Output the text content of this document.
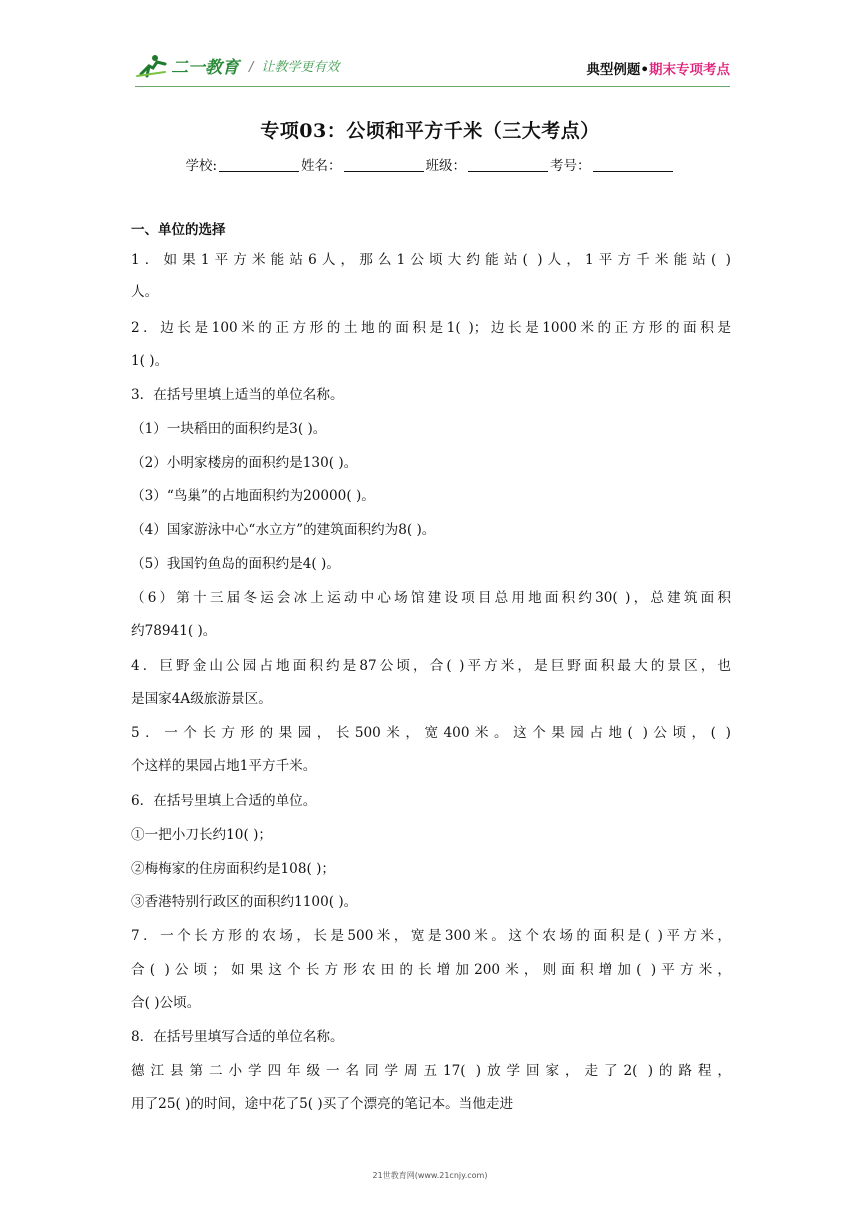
二一教育 / 让教学更有效	典型例题•期末专项考点
专项03：公顷和平方千米（三大考点）
学校:	姓名：	班级：	考号：
一、单位的选择
1．如果1平方米能站6人，那么1公顷大约能站( )人，1平方千米能站( )
人。
2．边长是100米的正方形的土地的面积是1( )；边长是1000米的正方形的面积是
1( )。
3．在括号里填上适当的单位名称。
（1）一块稻田的面积约是3( )。
（2）小明家楼房的面积约是130( )。
（3）“鸟巢”的占地面积约为20000( )。
（4）国家游泳中心“水立方”的建筑面积约为8( )。
（5）我国钓鱼岛的面积约是4( )。
（6）第十三届冬运会冰上运动中心场馆建设项目总用地面积约30( )，总建筑面积
约78941( )。
4．巨野金山公园占地面积约是87公顷，合( )平方米，是巨野面积最大的景区，也
是国家4A级旅游景区。
5．一个长方形的果园，长500米，宽400米。这个果园占地( )公顷，( )
个这样的果园占地1平方千米。
6．在括号里填上合适的单位。
①一把小刀长约10( )；
②梅梅家的住房面积约是108( )；
③香港特别行政区的面积约1100( )。
7．一个长方形的农场，长是500米，宽是300米。这个农场的面积是( )平方米，
合( )公顷；如果这个长方形农田的长增加200米，则面积增加( )平方米，
合( )公顷。
8．在括号里填写合适的单位名称。
德江县第二小学四年级一名同学周五17( )放学回家，走了2( )的路程，
用了25( )的时间，途中花了5( )买了个漂亮的笔记本。当他走进
21世教育网(www.21cnjy.com)
